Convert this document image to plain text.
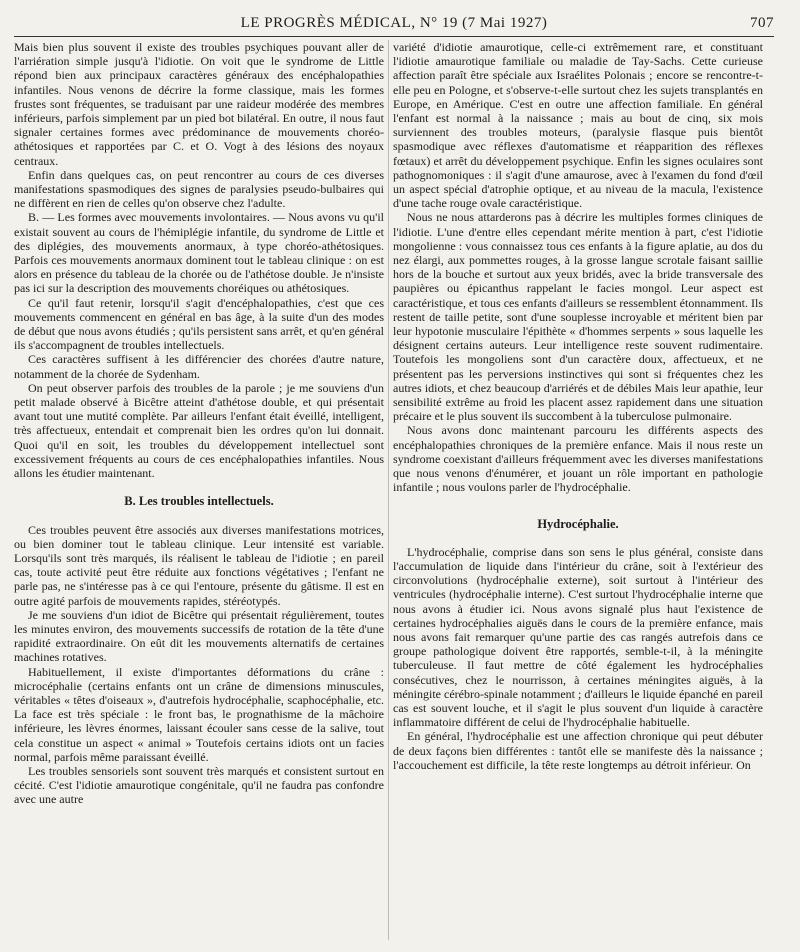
LE PROGRÈS MÉDICAL, N° 19 (7 Mai 1927)	707

Mais bien plus souvent il existe des troubles psychiques pouvant aller de l'arriération simple jusqu'à l'idiotie. On voit que le syndrome de Little répond bien aux principaux caractères généraux des encéphalopathies infantiles. Nous venons de décrire la forme classique, mais les formes frustes sont fréquentes, se traduisant par une raideur modérée des membres inférieurs, parfois simplement par un pied bot bilatéral. En outre, il nous faut signaler certaines formes avec prédominance de mouvements choréo-athétosiques et rapportées par C. et O. Vogt à des lésions des noyaux centraux.

Enfin dans quelques cas, on peut rencontrer au cours de ces diverses manifestations spasmodiques des signes de paralysies pseudo-bulbaires qui ne diffèrent en rien de celles qu'on observe chez l'adulte.

B. — Les formes avec mouvements involontaires. — Nous avons vu qu'il existait souvent au cours de l'hémiplégie infantile, du syndrome de Little et des diplégies, des mouvements anormaux, à type choréo-athétosiques. Parfois ces mouvements anormaux dominent tout le tableau clinique : on est alors en présence du tableau de la chorée ou de l'athétose double. Je n'insiste pas ici sur la description des mouvements choréiques ou athétosiques.

Ce qu'il faut retenir, lorsqu'il s'agit d'encéphalopathies, c'est que ces mouvements commencent en général en bas âge, à la suite d'un des modes de début que nous avons étudiés ; qu'ils persistent sans arrêt, et qu'en général ils s'accompagnent de troubles intellectuels.

Ces caractères suffisent à les différencier des chorées d'autre nature, notamment de la chorée de Sydenham.

On peut observer parfois des troubles de la parole ; je me souviens d'un petit malade observé à Bicêtre atteint d'athétose double, et qui présentait avant tout une mutité complète. Par ailleurs l'enfant était éveillé, intelligent, très affectueux, entendait et comprenait bien les ordres qu'on lui donnait. Quoi qu'il en soit, les troubles du développement intellectuel sont excessivement fréquents au cours de ces encéphalopathies infantiles. Nous allons les étudier maintenant.

B. Les troubles intellectuels.

Ces troubles peuvent être associés aux diverses manifestations motrices, ou bien dominer tout le tableau clinique. Leur intensité est variable. Lorsqu'ils sont très marqués, ils réalisent le tableau de l'idiotie ; en pareil cas, toute activité peut être réduite aux fonctions végétatives ; l'enfant ne parle pas, ne s'intéresse pas à ce qui l'entoure, présente du gâtisme. Il est en outre agité parfois de mouvements rapides, stéréotypés.

Je me souviens d'un idiot de Bicêtre qui présentait régulièrement, toutes les minutes environ, des mouvements successifs de rotation de la tête d'une rapidité extraordinaire. On eût dit les mouvements alternatifs de certaines machines rotatives.

Habituellement, il existe d'importantes déformations du crâne : microcéphalie (certains enfants ont un crâne de dimensions minuscules, véritables « têtes d'oiseaux », d'autrefois hydrocéphalie, scaphocéphalie, etc. La face est très spéciale : le front bas, le prognathisme de la mâchoire inférieure, les lèvres énormes, laissant écouler sans cesse de la salive, tout cela constitue un aspect « animal » Toutefois certains idiots ont un facies normal, parfois même paraissant éveillé.

Les troubles sensoriels sont souvent très marqués et consistent surtout en cécité. C'est l'idiotie amaurotique congénitale, qu'il ne faudra pas confondre avec une autre

variété d'idiotie amaurotique, celle-ci extrêmement rare, et constituant l'idiotie amaurotique familiale ou maladie de Tay-Sachs. Cette curieuse affection paraît être spéciale aux Israélites Polonais ; encore se rencontre-t-elle peu en Pologne, et s'observe-t-elle surtout chez les sujets transplantés en Europe, en Amérique. C'est en outre une affection familiale. En général l'enfant est normal à la naissance ; mais au bout de cinq, six mois surviennent des troubles moteurs, (paralysie flasque puis bientôt spasmodique avec réflexes d'automatisme et réapparition des réflexes fœtaux) et arrêt du développement psychique. Enfin les signes oculaires sont pathognomoniques : il s'agit d'une amaurose, avec à l'examen du fond d'œil un aspect spécial d'atrophie optique, et au niveau de la macula, l'existence d'une tache rouge ovale caractéristique.

Nous ne nous attarderons pas à décrire les multiples formes cliniques de l'idiotie. L'une d'entre elles cependant mérite mention à part, c'est l'idiotie mongolienne : vous connaissez tous ces enfants à la figure aplatie, au dos du nez élargi, aux pommettes rouges, à la grosse langue scrotale faisant saillie hors de la bouche et surtout aux yeux bridés, avec la bride transversale des paupières ou épicanthus rappelant le facies mongol. Leur aspect est caractéristique, et tous ces enfants d'ailleurs se ressemblent étonnamment. Ils restent de taille petite, sont d'une souplesse incroyable et méritent bien par leur hypotonie musculaire l'épithète « d'hommes serpents » sous laquelle les désignent certains auteurs. Leur intelligence reste souvent rudimentaire. Toutefois les mongoliens sont d'un caractère doux, affectueux, et ne présentent pas les perversions instinctives qui sont si fréquentes chez les autres idiots, et chez beaucoup d'arriérés et de débiles Mais leur apathie, leur sensibilité extrême au froid les placent assez rapidement dans une situation précaire et le plus souvent ils succombent à la tuberculose pulmonaire.

Nous avons donc maintenant parcouru les différents aspects des encéphalopathies chroniques de la première enfance. Mais il nous reste un syndrome coexistant d'ailleurs fréquemment avec les diverses manifestations que nous venons d'énumérer, et jouant un rôle important en pathologie infantile ; nous voulons parler de l'hydrocéphalie.

Hydrocéphalie.

L'hydrocéphalie, comprise dans son sens le plus général, consiste dans l'accumulation de liquide dans l'intérieur du crâne, soit à l'extérieur des circonvolutions (hydrocéphalie externe), soit surtout à l'intérieur des ventricules (hydrocéphalie interne). C'est surtout l'hydrocéphalie interne que nous avons à étudier ici. Nous avons signalé plus haut l'existence de certaines hydrocéphalies aiguës dans le cours de la première enfance, mais nous avons fait remarquer qu'une partie des cas rangés autrefois dans ce groupe pathologique doivent être rapportés, semble-t-il, à la méningite tuberculeuse. Il faut mettre de côté également les hydrocéphalies consécutives, chez le nourrisson, à certaines méningites aiguës, à la méningite cérébro-spinale notamment ; d'ailleurs le liquide épanché en pareil cas est souvent louche, et il s'agit le plus souvent d'un liquide à caractère inflammatoire différent de celui de l'hydrocéphalie habituelle.

En général, l'hydrocéphalie est une affection chronique qui peut débuter de deux façons bien différentes : tantôt elle se manifeste dès la naissance ; l'accouchement est difficile, la tête reste longtemps au détroit inférieur. On
